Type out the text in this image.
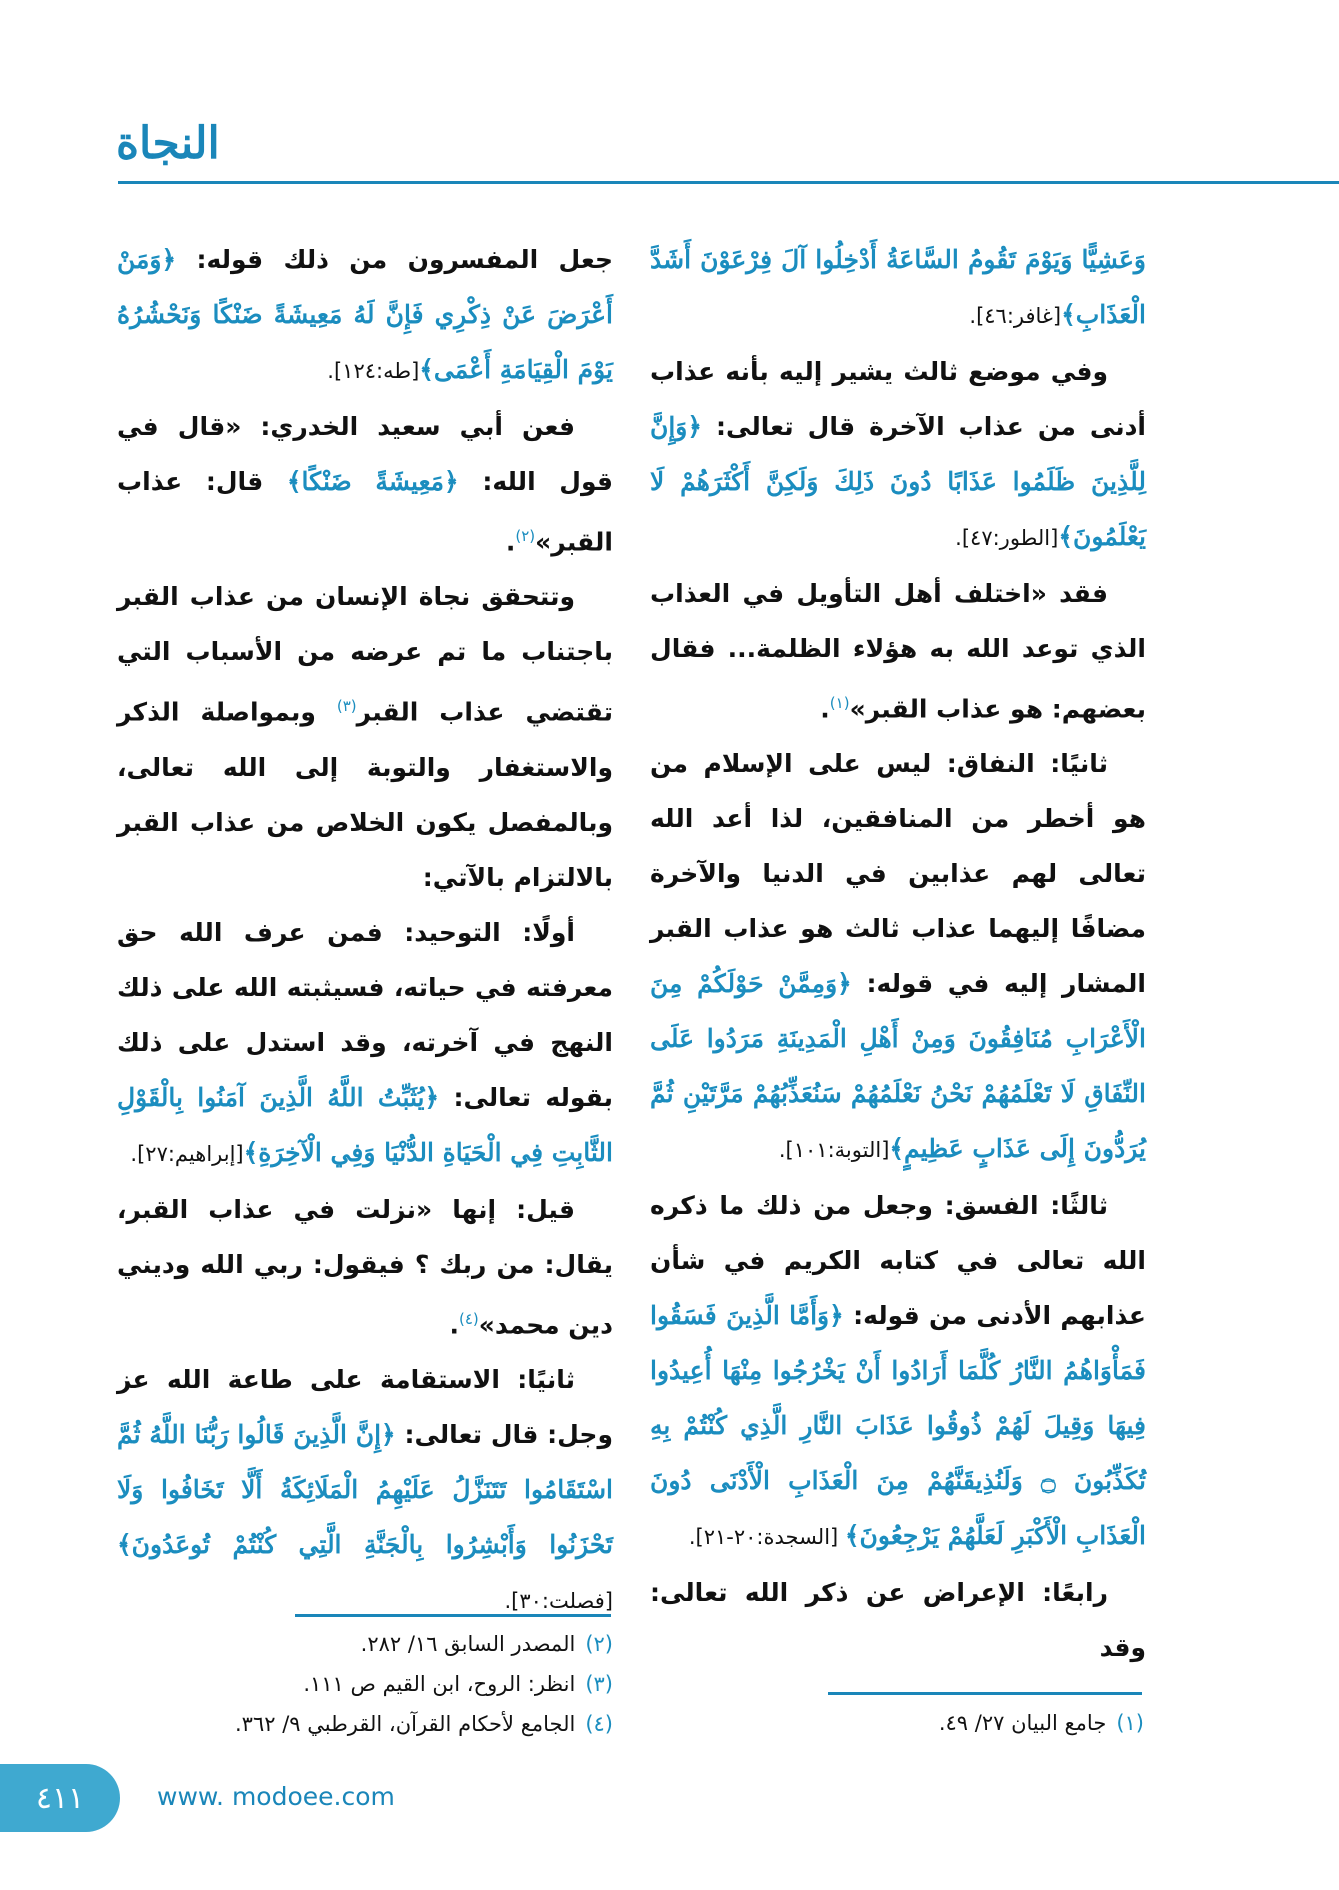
النجاة

وَعَشِيًّا وَيَوْمَ تَقُومُ السَّاعَةُ أَدْخِلُوا آلَ فِرْعَوْنَ أَشَدَّ الْعَذَابِ﴾[غافر:٤٦].

وفي موضع ثالث يشير إليه بأنه عذاب أدنى من عذاب الآخرة قال تعالى: ﴿وَإِنَّ لِلَّذِينَ ظَلَمُوا عَذَابًا دُونَ ذَلِكَ وَلَكِنَّ أَكْثَرَهُمْ لَا يَعْلَمُونَ﴾[الطور:٤٧].

فقد «اختلف أهل التأويل في العذاب الذي توعد الله به هؤلاء الظلمة... فقال بعضهم: هو عذاب القبر»$^{(١)}$.

ثانيًا: النفاق: ليس على الإسلام من هو أخطر من المنافقين، لذا أعد الله تعالى لهم عذابين في الدنيا والآخرة مضافًا إليهما عذاب ثالث هو عذاب القبر المشار إليه في قوله: ﴿وَمِمَّنْ حَوْلَكُمْ مِنَ الْأَعْرَابِ مُنَافِقُونَ وَمِنْ أَهْلِ الْمَدِينَةِ مَرَدُوا عَلَى النِّفَاقِ لَا تَعْلَمُهُمْ نَحْنُ نَعْلَمُهُمْ سَنُعَذِّبُهُمْ مَرَّتَيْنِ ثُمَّ يُرَدُّونَ إِلَى عَذَابٍ عَظِيمٍ﴾[التوبة:١٠١].

ثالثًا: الفسق: وجعل من ذلك ما ذكره الله تعالى في كتابه الكريم في شأن عذابهم الأدنى من قوله: ﴿وَأَمَّا الَّذِينَ فَسَقُوا فَمَأْوَاهُمُ النَّارُ كُلَّمَا أَرَادُوا أَنْ يَخْرُجُوا مِنْهَا أُعِيدُوا فِيهَا وَقِيلَ لَهُمْ ذُوقُوا عَذَابَ النَّارِ الَّذِي كُنْتُمْ بِهِ تُكَذِّبُونَ ۝ وَلَنُذِيقَنَّهُمْ مِنَ الْعَذَابِ الْأَدْنَى دُونَ الْعَذَابِ الْأَكْبَرِ لَعَلَّهُمْ يَرْجِعُونَ﴾ [السجدة:٢٠-٢١].

رابعًا: الإعراض عن ذكر الله تعالى: وقد

جعل المفسرون من ذلك قوله: ﴿وَمَنْ أَعْرَضَ عَنْ ذِكْرِي فَإِنَّ لَهُ مَعِيشَةً ضَنْكًا وَنَحْشُرُهُ يَوْمَ الْقِيَامَةِ أَعْمَى﴾[طه:١٢٤].

فعن أبي سعيد الخدري: «قال في قول الله: ﴿مَعِيشَةً ضَنْكًا﴾ قال: عذاب القبر»$^{(٢)}$.

وتتحقق نجاة الإنسان من عذاب القبر باجتناب ما تم عرضه من الأسباب التي تقتضي عذاب القبر$^{(٣)}$ وبمواصلة الذكر والاستغفار والتوبة إلى الله تعالى، وبالمفصل يكون الخلاص من عذاب القبر بالالتزام بالآتي:

أولًا: التوحيد: فمن عرف الله حق معرفته في حياته، فسيثبته الله على ذلك النهج في آخرته، وقد استدل على ذلك بقوله تعالى: ﴿يُثَبِّتُ اللَّهُ الَّذِينَ آمَنُوا بِالْقَوْلِ الثَّابِتِ فِي الْحَيَاةِ الدُّنْيَا وَفِي الْآخِرَةِ﴾[إبراهيم:٢٧].

قيل: إنها «نزلت في عذاب القبر، يقال: من ربك ؟ فيقول: ربي الله وديني دين محمد»$^{(٤)}$.

ثانيًا: الاستقامة على طاعة الله عز وجل: قال تعالى: ﴿إِنَّ الَّذِينَ قَالُوا رَبُّنَا اللَّهُ ثُمَّ اسْتَقَامُوا تَتَنَزَّلُ عَلَيْهِمُ الْمَلَائِكَةُ أَلَّا تَخَافُوا وَلَا تَحْزَنُوا وَأَبْشِرُوا بِالْجَنَّةِ الَّتِي كُنْتُمْ تُوعَدُونَ﴾[فصلت:٣٠].

(١)جامع البيان ٢٧/ ٤٩.
(٢)المصدر السابق ١٦/ ٢٨٢.
(٣)انظر: الروح، ابن القيم ص ١١١.
(٤)الجامع لأحكام القرآن، القرطبي ٩/ ٣٦٢.
٤١١	www. modoee.com
